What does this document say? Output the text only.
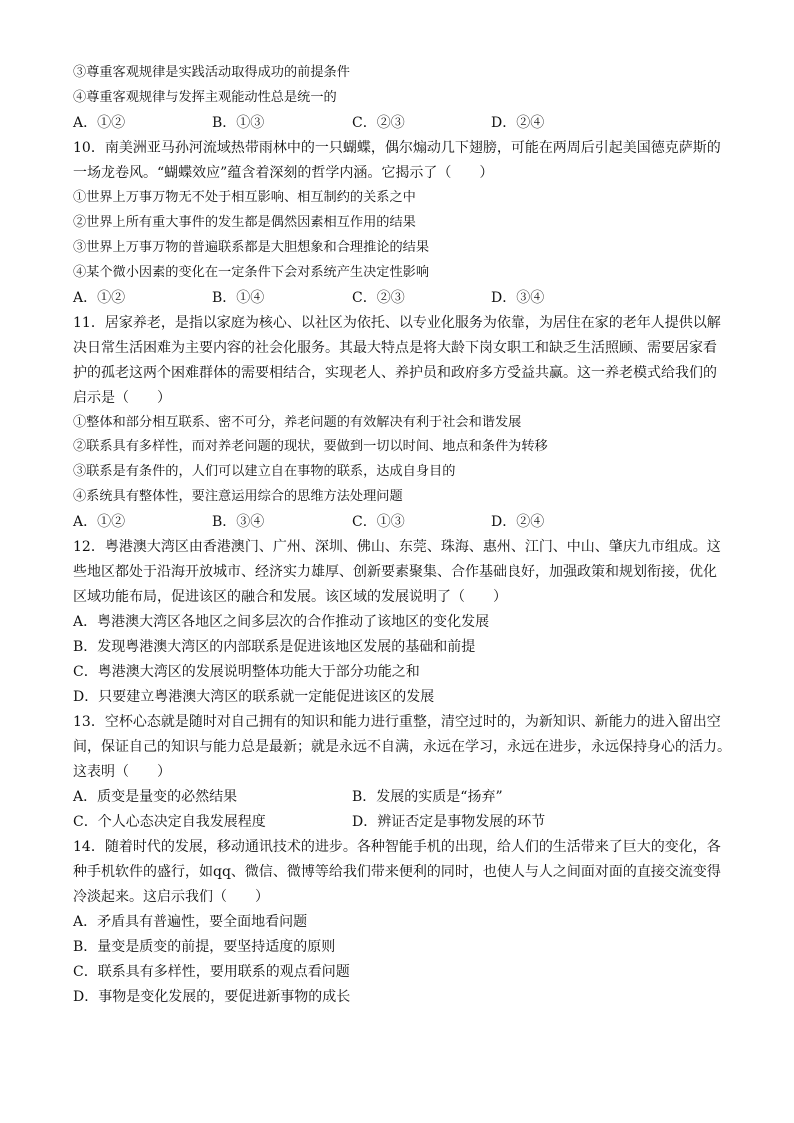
③尊重客观规律是实践活动取得成功的前提条件
④尊重客观规律与发挥主观能动性总是统一的
A．①②	B．①③	C．②③	D．②④
10．南美洲亚马孙河流域热带雨林中的一只蝴蝶，偶尔煽动几下翅膀，可能在两周后引起美国德克萨斯的
一场龙卷风。“蝴蝶效应”蕴含着深刻的哲学内涵。它揭示了（　　）
①世界上万事万物无不处于相互影响、相互制约的关系之中
②世界上所有重大事件的发生都是偶然因素相互作用的结果
③世界上万事万物的普遍联系都是大胆想象和合理推论的结果
④某个微小因素的变化在一定条件下会对系统产生决定性影响
A．①②	B．①④	C．②③	D．③④
11．居家养老，是指以家庭为核心、以社区为依托、以专业化服务为依靠，为居住在家的老年人提供以解
决日常生活困难为主要内容的社会化服务。其最大特点是将大龄下岗女职工和缺乏生活照顾、需要居家看
护的孤老这两个困难群体的需要相结合，实现老人、养护员和政府多方受益共赢。这一养老模式给我们的
启示是（　　）
①整体和部分相互联系、密不可分，养老问题的有效解决有利于社会和谐发展
②联系具有多样性，而对养老问题的现状，要做到一切以时间、地点和条件为转移
③联系是有条件的，人们可以建立自在事物的联系，达成自身目的
④系统具有整体性，要注意运用综合的思维方法处理问题
A．①②	B．③④	C．①③	D．②④
12．粤港澳大湾区由香港澳门、广州、深圳、佛山、东莞、珠海、惠州、江门、中山、肇庆九市组成。这
些地区都处于沿海开放城市、经济实力雄厚、创新要素聚集、合作基础良好，加强政策和规划衔接，优化
区域功能布局，促进该区的融合和发展。该区域的发展说明了（　　）
A．粤港澳大湾区各地区之间多层次的合作推动了该地区的变化发展
B．发现粤港澳大湾区的内部联系是促进该地区发展的基础和前提
C．粤港澳大湾区的发展说明整体功能大于部分功能之和
D．只要建立粤港澳大湾区的联系就一定能促进该区的发展
13．空杯心态就是随时对自己拥有的知识和能力进行重整，清空过时的，为新知识、新能力的进入留出空
间，保证自己的知识与能力总是最新；就是永远不自满，永远在学习，永远在进步，永远保持身心的活力。
这表明（　　）
A．质变是量变的必然结果	B．发展的实质是“扬弃”
C．个人心态决定自我发展程度	D．辨证否定是事物发展的环节
14．随着时代的发展，移动通讯技术的进步。各种智能手机的出现，给人们的生活带来了巨大的变化，各
种手机软件的盛行，如qq、微信、微博等给我们带来便利的同时，也使人与人之间面对面的直接交流变得
冷淡起来。这启示我们（　　）
A．矛盾具有普遍性，要全面地看问题
B．量变是质变的前提，要坚持适度的原则
C．联系具有多样性，要用联系的观点看问题
D．事物是变化发展的，要促进新事物的成长
